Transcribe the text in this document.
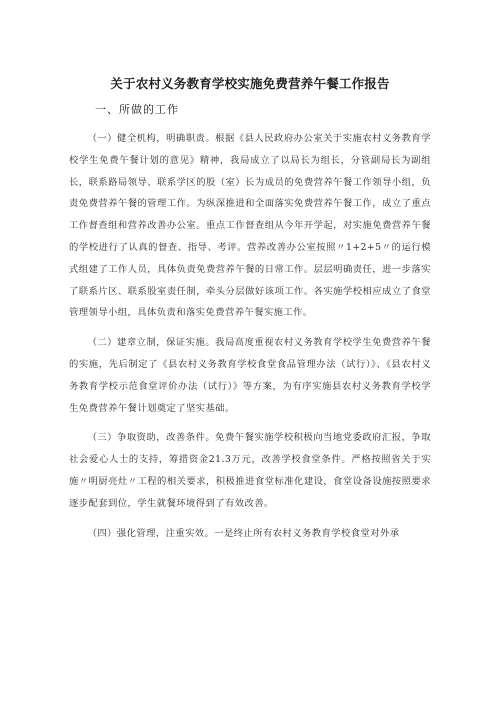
关于农村义务教育学校实施免费营养午餐工作报告
一、所做的工作

（一）健全机构，明确职责。根据《县人民政府办公室关于实施农村义务教育学校学生免费午餐计划的意见》精神，我局成立了以局长为组长，分管副局长为副组长，联系路局领导、联系学区的股（室）长为成员的免费营养午餐工作领导小组，负责免费营养午餐的管理工作。为纵深推进和全面落实免费营养午餐工作，成立了重点工作督查组和营养改善办公室。重点工作督查组从今年开学起，对实施免费营养午餐的学校进行了认真的督查、指导、考评。营养改善办公室按照〃1+2+5〃的运行模式组建了工作人员，具体负责免费营养午餐的日常工作。层层明确责任，进一步落实了联系片区、联系股室责任制，牵头分层做好该项工作。各实施学校相应成立了食堂管理领导小组，具体负责和落实免费营养午餐实施工作。

（二）建章立制，保证实施。我局高度重视农村义务教育学校学生免费营养午餐的实施，先后制定了《县农村义务教育学校食堂食品管理办法（试行）》、《县农村义务教育学校示范食堂评价办法（试行）》等方案，为有序实施县农村义务教育学校学生免费营养午餐计划奠定了坚实基础。

（三）争取资助，改善条件。免费午餐实施学校积极向当地党委政府汇报，争取社会爱心人士的支持，筹措资金21.3万元，改善学校食堂条件。严格按照省关于实施〃明厨亮灶〃工程的相关要求，积极推进食堂标准化建设，食堂设备设施按照要求逐步配套到位，学生就餐环境得到了有效改善。

（四）强化管理，注重实效。一是终止所有农村义务教育学校食堂对外承
